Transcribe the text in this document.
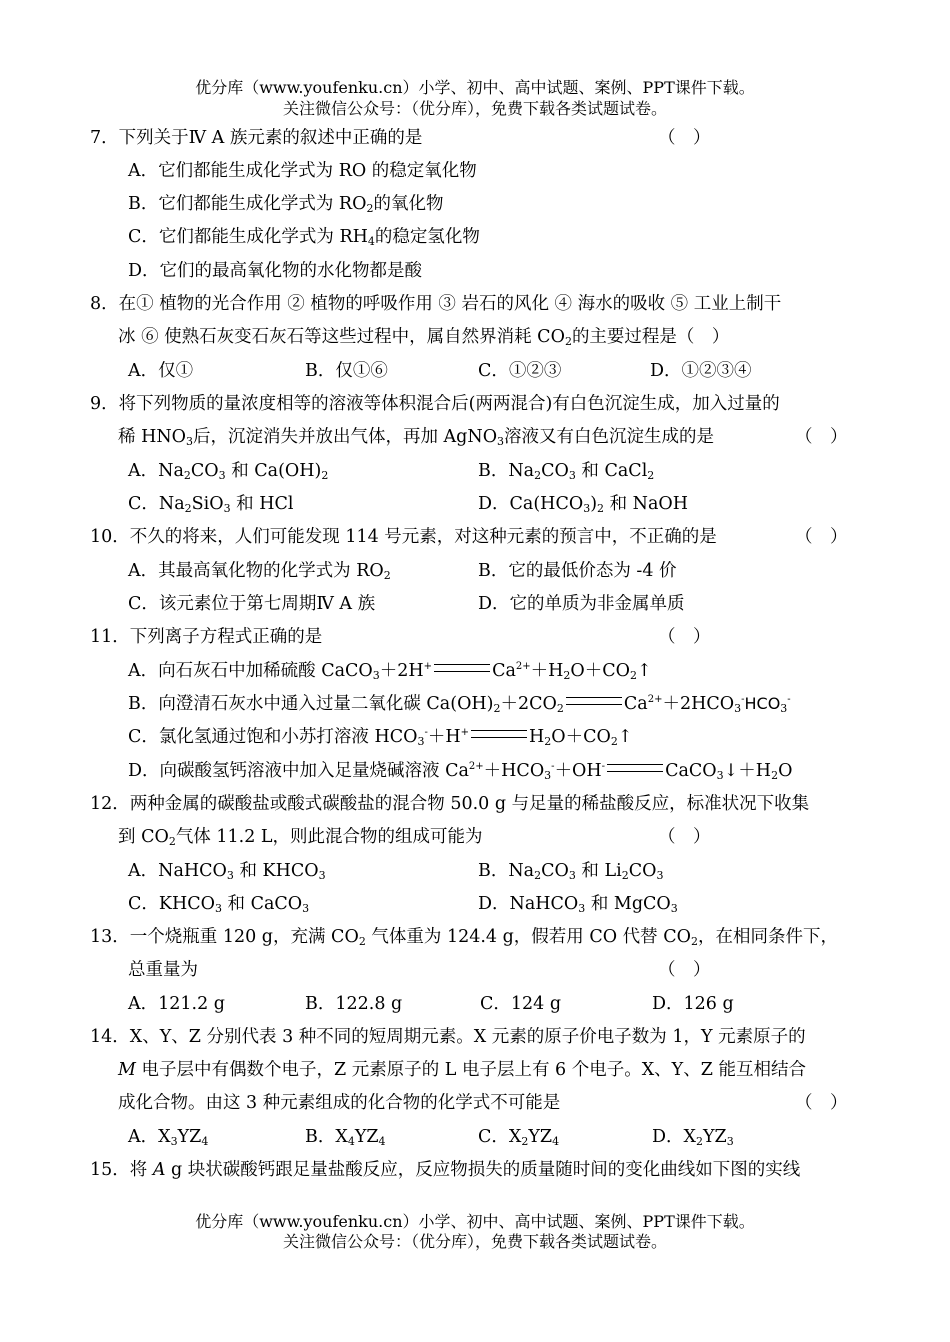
优分库（www.youfenku.cn）小学、初中、高中试题、案例、PPT课件下载。
关注微信公众号：（优分库），免费下载各类试题试卷。
7．下列关于Ⅳ A 族元素的叙述中正确的是	（　）
A．它们都能生成化学式为 RO 的稳定氧化物
B．它们都能生成化学式为 $RO_2$的氧化物
C．它们都能生成化学式为 $RH_4$的稳定氢化物
D．它们的最高氧化物的水化物都是酸
8．在① 植物的光合作用 ② 植物的呼吸作用 ③ 岩石的风化 ④ 海水的吸收 ⑤ 工业上制干
冰 ⑥ 使熟石灰变石灰石等这些过程中，属自然界消耗 $CO_2$的主要过程是（　）
A．仅①	B．仅①⑥	C．①②③	D．①②③④
9．将下列物质的量浓度相等的溶液等体积混合后(两两混合)有白色沉淀生成，加入过量的
稀 $HNO_3$后，沉淀消失并放出气体，再加 AgNO$_3$溶液又有白色沉淀生成的是	（　）
A．$Na_2CO_3$ 和 $Ca(OH)_2$	B．$Na_2CO_3$ 和 CaCl$_2$
C．$Na_2SiO_3$ 和 HCl	D．$Ca(HCO_3)_2$ 和 NaOH
10．不久的将来，人们可能发现 114 号元素，对这种元素的预言中，不正确的是	（　）
A．其最高氧化物的化学式为 $RO_2$	B．它的最低价态为 -4 价
C．该元素位于第七周期Ⅳ A 族	D．它的单质为非金属单质
11．下列离子方程式正确的是	（　）
A．向石灰石中加稀硫酸 CaCO$_3$＋2H+	$Ca^{2+}+H_2O+CO_2↑$
B．向澄清石灰水中通入过量二氧化碳 $Ca(OH)_2+2CO_2$	$Ca^{2+}+2HCO_3^-HCO_3^-$
C．氯化氢通过饱和小苏打溶液 $HCO_3^-+H^+$	$H_2O+CO_2↑$
D．向碳酸氢钙溶液中加入足量烧碱溶液 $Ca^{2+}+HCO_3^-+OH^-$	$CaCO_3↓+H_2O$
12．两种金属的碳酸盐或酸式碳酸盐的混合物 50.0 g 与足量的稀盐酸反应，标准状况下收集
到 $CO_2$气体 11.2 L，则此混合物的组成可能为	（　）
A．NaHCO$_3$ 和 $KHCO_3$	B．$Na_2CO_3$ 和 $Li_2CO_3$
C．$KHCO_3$ 和 CaCO$_3$	D．NaHCO$_3$ 和 MgCO$_3$
13．一个烧瓶重 120 g，充满 $CO_2$ 气体重为 124.4 g，假若用 CO 代替 $CO_2$，在相同条件下，
总重量为	（　）
A．121.2 g	B．122.8 g	C．124 g	D．126 g
14．X、Y、Z 分别代表 3 种不同的短周期元素。X 元素的原子价电子数为 1，Y 元素原子的
M 电子层中有偶数个电子，Z 元素原子的 L 电子层上有 6 个电子。X、Y、Z 能互相结合
成化合物。由这 3 种元素组成的化合物的化学式不可能是	（　）
A．$X_3YZ_4$	B．$X_4YZ_4$	C．$X_2YZ_4$	D．$X_2YZ_3$
15．将 A g 块状碳酸钙跟足量盐酸反应，反应物损失的质量随时间的变化曲线如下图的实线
优分库（www.youfenku.cn）小学、初中、高中试题、案例、PPT课件下载。
关注微信公众号：（优分库），免费下载各类试题试卷。
